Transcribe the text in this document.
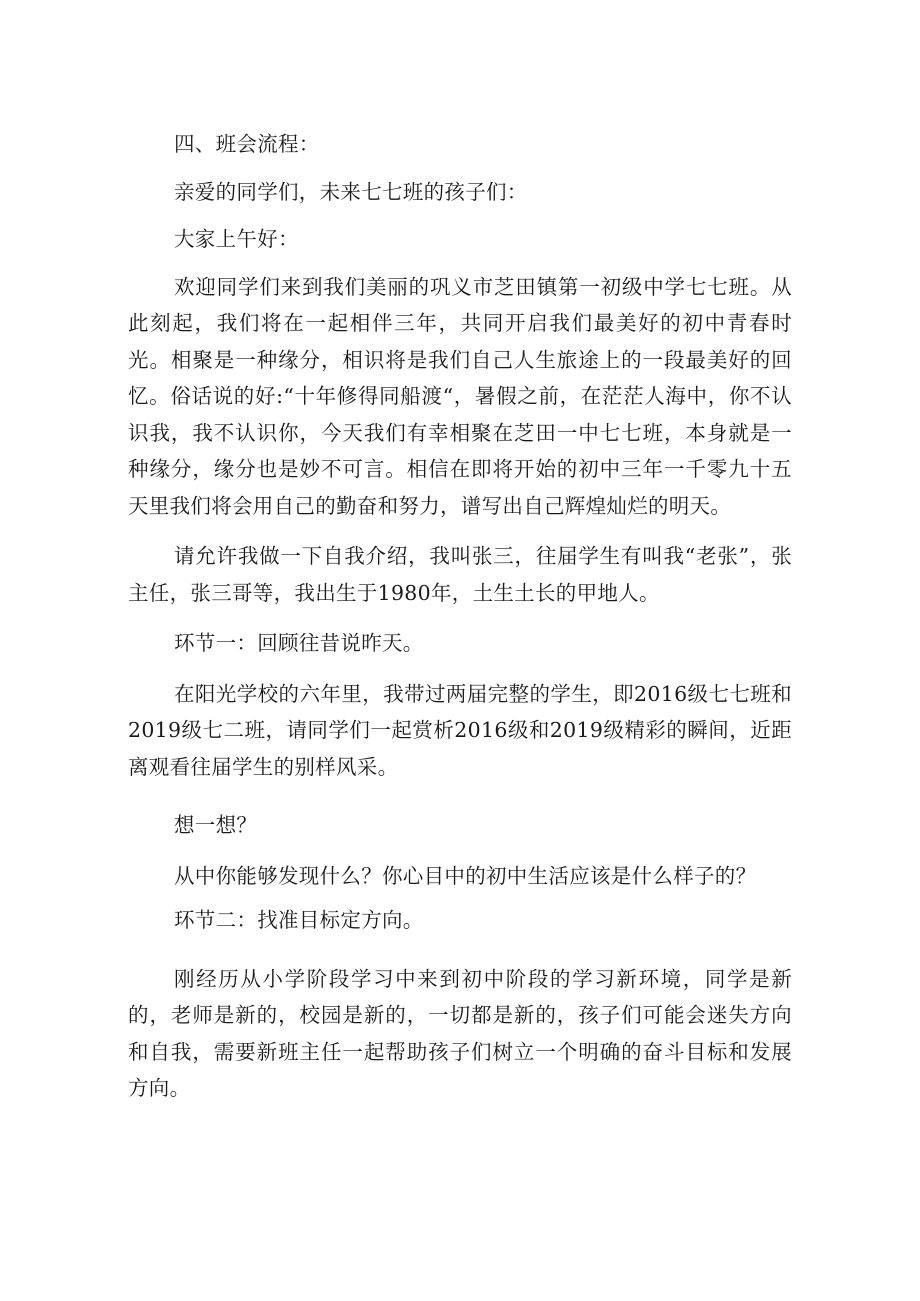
四、班会流程：

亲爱的同学们，未来七七班的孩子们：

大家上午好：

欢迎同学们来到我们美丽的巩义市芝田镇第一初级中学七七班。从此刻起，我们将在一起相伴三年，共同开启我们最美好的初中青春时光。相聚是一种缘分，相识将是我们自己人生旅途上的一段最美好的回忆。俗话说的好:“十年修得同船渡“，暑假之前，在茫茫人海中，你不认识我，我不认识你，今天我们有幸相聚在芝田一中七七班，本身就是一种缘分，缘分也是妙不可言。相信在即将开始的初中三年一千零九十五天里我们将会用自己的勤奋和努力，谱写出自己辉煌灿烂的明天。

请允许我做一下自我介绍，我叫张三，往届学生有叫我“老张”，张主任，张三哥等，我出生于1980年，土生土长的甲地人。

环节一：回顾往昔说昨天。

在阳光学校的六年里，我带过两届完整的学生，即2016级七七班和2019级七二班，请同学们一起赏析2016级和2019级精彩的瞬间，近距离观看往届学生的别样风采。

想一想？

从中你能够发现什么？你心目中的初中生活应该是什么样子的？

环节二：找准目标定方向。

刚经历从小学阶段学习中来到初中阶段的学习新环境，同学是新的，老师是新的，校园是新的，一切都是新的，孩子们可能会迷失方向和自我，需要新班主任一起帮助孩子们树立一个明确的奋斗目标和发展方向。
